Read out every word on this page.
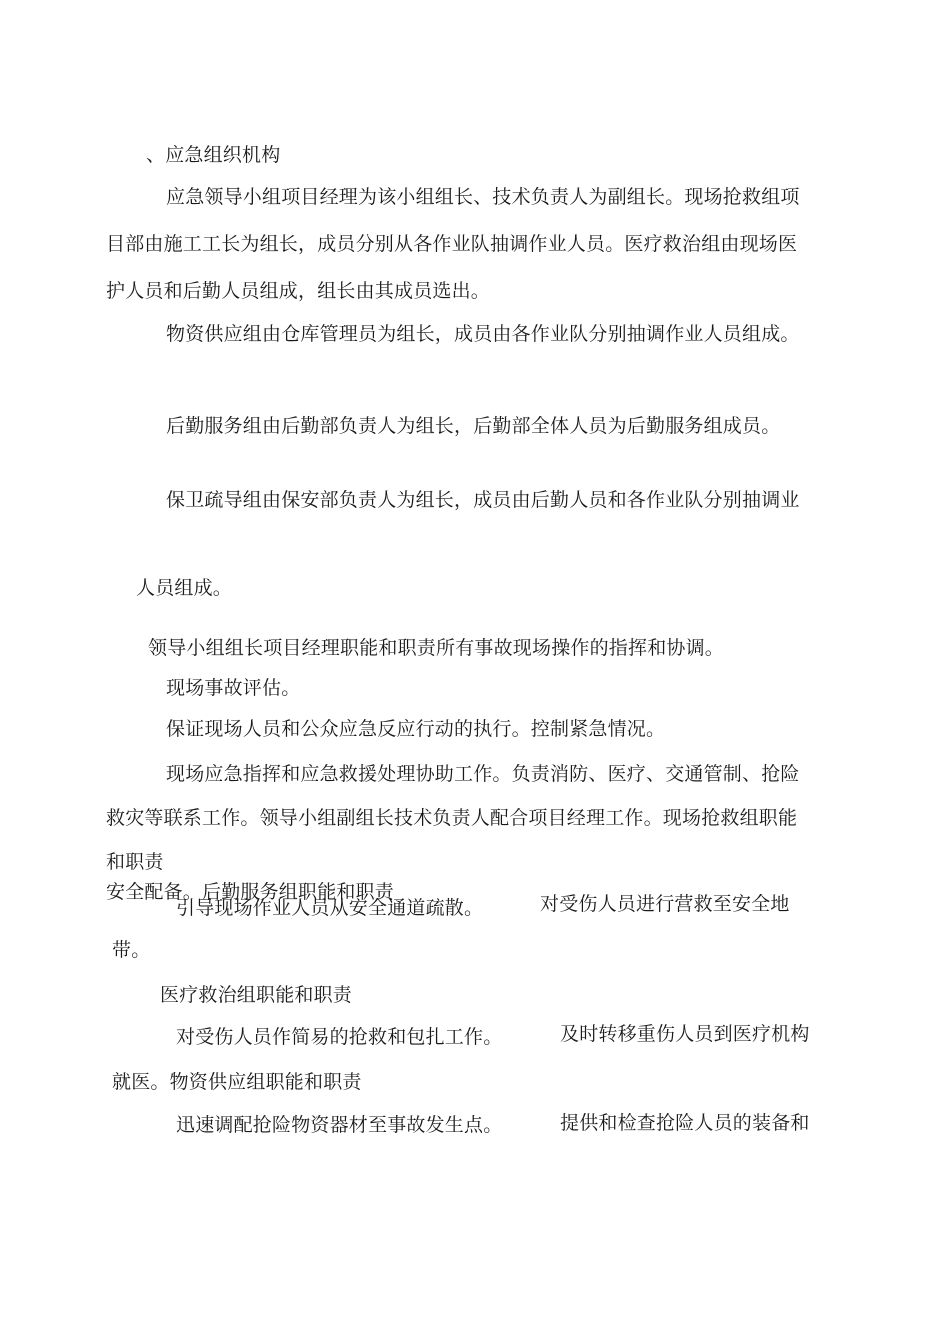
、应急组织机构
应急领导小组项目经理为该小组组长、技术负责人为副组长。现场抢救组项
目部由施工工长为组长，成员分别从各作业队抽调作业人员。医疗救治组由现场医
护人员和后勤人员组成，组长由其成员选出。
物资供应组由仓库管理员为组长，成员由各作业队分别抽调作业人员组成。
后勤服务组由后勤部负责人为组长，后勤部全体人员为后勤服务组成员。
保卫疏导组由保安部负责人为组长，成员由后勤人员和各作业队分别抽调业
人员组成。
领导小组组长项目经理职能和职责所有事故现场操作的指挥和协调。
现场事故评估。
保证现场人员和公众应急反应行动的执行。控制紧急情况。
现场应急指挥和应急救援处理协助工作。负责消防、医疗、交通管制、抢险
救灾等联系工作。领导小组副组长技术负责人配合项目经理工作。现场抢救组职能
和职责
安全配备。后勤服务组职能和职责
引导现场作业人员从安全通道疏散。	对受伤人员进行营救至安全地
带。
医疗救治组职能和职责
对受伤人员作简易的抢救和包扎工作。	及时转移重伤人员到医疗机构
就医。物资供应组职能和职责
迅速调配抢险物资器材至事故发生点。	提供和检查抢险人员的装备和
